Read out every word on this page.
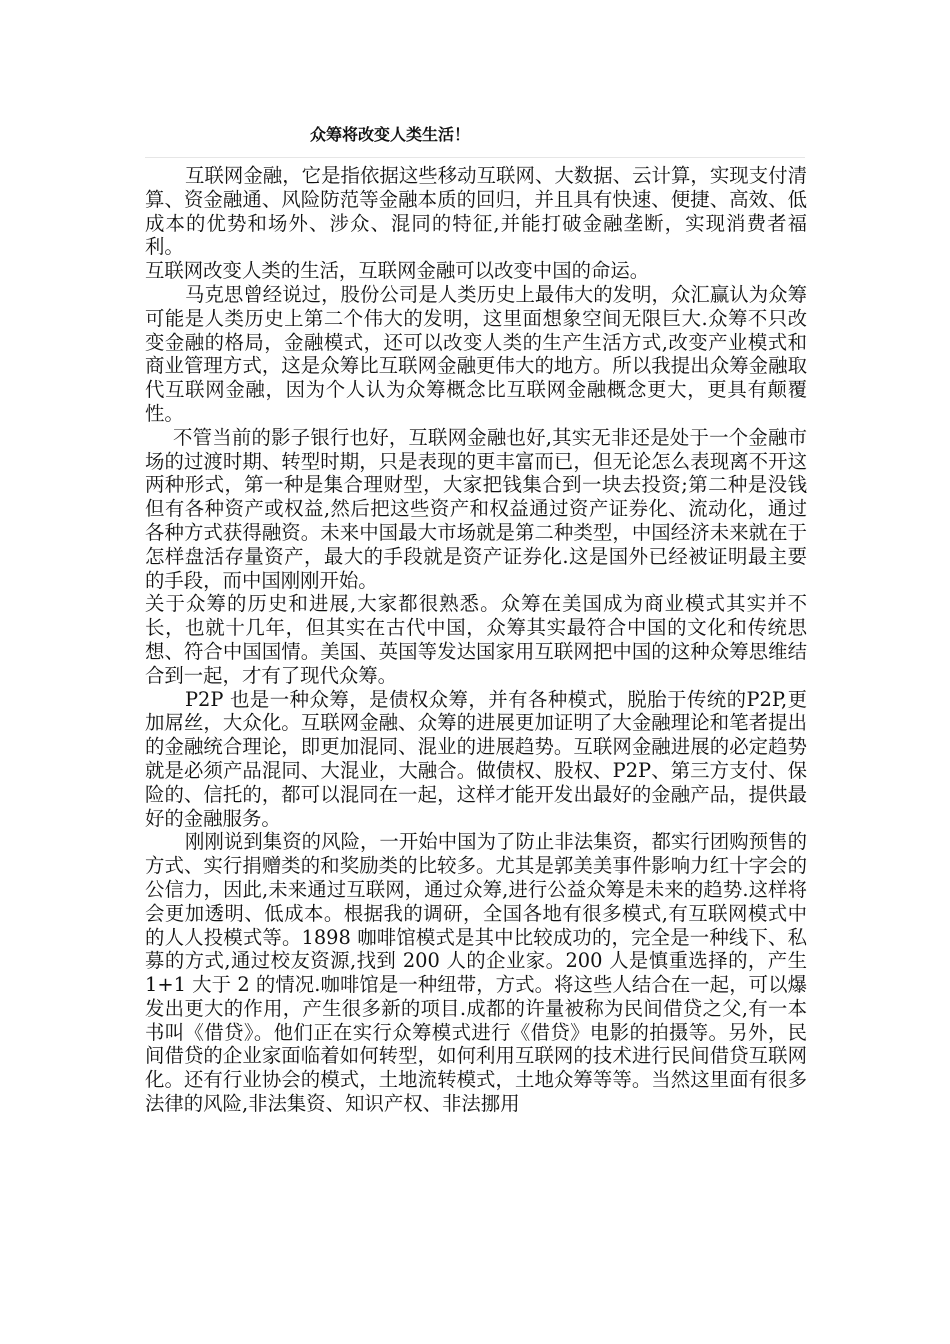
众筹将改变人类生活！

互联网金融，它是指依据这些移动互联网、大数据、云计算，实现支付清算、资金融通、风险防范等金融本质的回归，并且具有快速、便捷、高效、低成本的优势和场外、涉众、混同的特征,并能打破金融垄断，实现消费者福利。

互联网改变人类的生活，互联网金融可以改变中国的命运。

马克思曾经说过，股份公司是人类历史上最伟大的发明，众汇赢认为众筹可能是人类历史上第二个伟大的发明，这里面想象空间无限巨大.众筹不只改变金融的格局，金融模式，还可以改变人类的生产生活方式,改变产业模式和商业管理方式，这是众筹比互联网金融更伟大的地方。所以我提出众筹金融取代互联网金融，因为个人认为众筹概念比互联网金融概念更大，更具有颠覆性。

不管当前的影子银行也好，互联网金融也好,其实无非还是处于一个金融市场的过渡时期、转型时期，只是表现的更丰富而已，但无论怎么表现离不开这两种形式，第一种是集合理财型，大家把钱集合到一块去投资;第二种是没钱但有各种资产或权益,然后把这些资产和权益通过资产证券化、流动化，通过各种方式获得融资。未来中国最大市场就是第二种类型，中国经济未来就在于怎样盘活存量资产，最大的手段就是资产证券化.这是国外已经被证明最主要的手段，而中国刚刚开始。

关于众筹的历史和进展,大家都很熟悉。众筹在美国成为商业模式其实并不长，也就十几年，但其实在古代中国，众筹其实最符合中国的文化和传统思想、符合中国国情。美国、英国等发达国家用互联网把中国的这种众筹思维结合到一起，才有了现代众筹。

P2P 也是一种众筹，是债权众筹，并有各种模式，脱胎于传统的P2P,更加屌丝，大众化。互联网金融、众筹的进展更加证明了大金融理论和笔者提出的金融统合理论，即更加混同、混业的进展趋势。互联网金融进展的必定趋势就是必须产品混同、大混业，大融合。做债权、股权、P2P、第三方支付、保险的、信托的，都可以混同在一起，这样才能开发出最好的金融产品，提供最好的金融服务。

刚刚说到集资的风险，一开始中国为了防止非法集资，都实行团购预售的方式、实行捐赠类的和奖励类的比较多。尤其是郭美美事件影响力红十字会的公信力，因此,未来通过互联网，通过众筹,进行公益众筹是未来的趋势.这样将会更加透明、低成本。根据我的调研，全国各地有很多模式,有互联网模式中的人人投模式等。1898 咖啡馆模式是其中比较成功的，完全是一种线下、私募的方式,通过校友资源,找到 200 人的企业家。200 人是慎重选择的，产生 1+1 大于 2 的情况.咖啡馆是一种纽带，方式。将这些人结合在一起，可以爆发出更大的作用，产生很多新的项目.成都的许量被称为民间借贷之父,有一本书叫《借贷》。他们正在实行众筹模式进行《借贷》电影的拍摄等。另外，民间借贷的企业家面临着如何转型，如何利用互联网的技术进行民间借贷互联网化。还有行业协会的模式，土地流转模式，土地众筹等等。当然这里面有很多法律的风险,非法集资、知识产权、非法挪用
